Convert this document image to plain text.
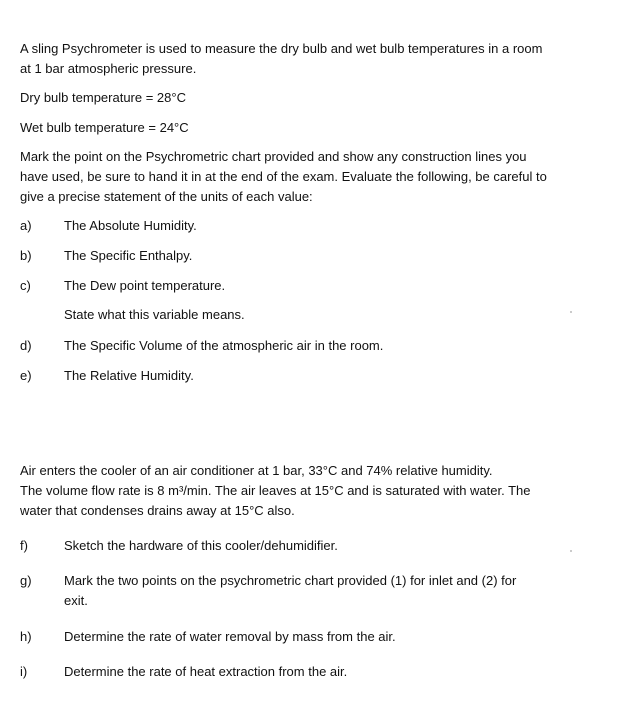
A sling Psychrometer is used to measure the dry bulb and wet bulb temperatures in a room
at 1 bar atmospheric pressure.

Dry bulb temperature = 28°C

Wet bulb temperature = 24°C

Mark the point on the Psychrometric chart provided and show any construction lines you
have used, be sure to hand it in at the end of the exam. Evaluate the following, be careful to
give a precise statement of the units of each value:

a)	The Absolute Humidity.
b)	The Specific Enthalpy.
c)	The Dew point temperature.
State what this variable means.
d)	The Specific Volume of the atmospheric air in the room.
e)	The Relative Humidity.

Air enters the cooler of an air conditioner at 1 bar, 33°C and 74% relative humidity.
The volume flow rate is 8 m³/min. The air leaves at 15°C and is saturated with water. The
water that condenses drains away at 15°C also.

f)	Sketch the hardware of this cooler/dehumidifier.
g)	Mark the two points on the psychrometric chart provided (1) for inlet and (2) for
exit.
h)	Determine the rate of water removal by mass from the air.
i)	Determine the rate of heat extraction from the air.
